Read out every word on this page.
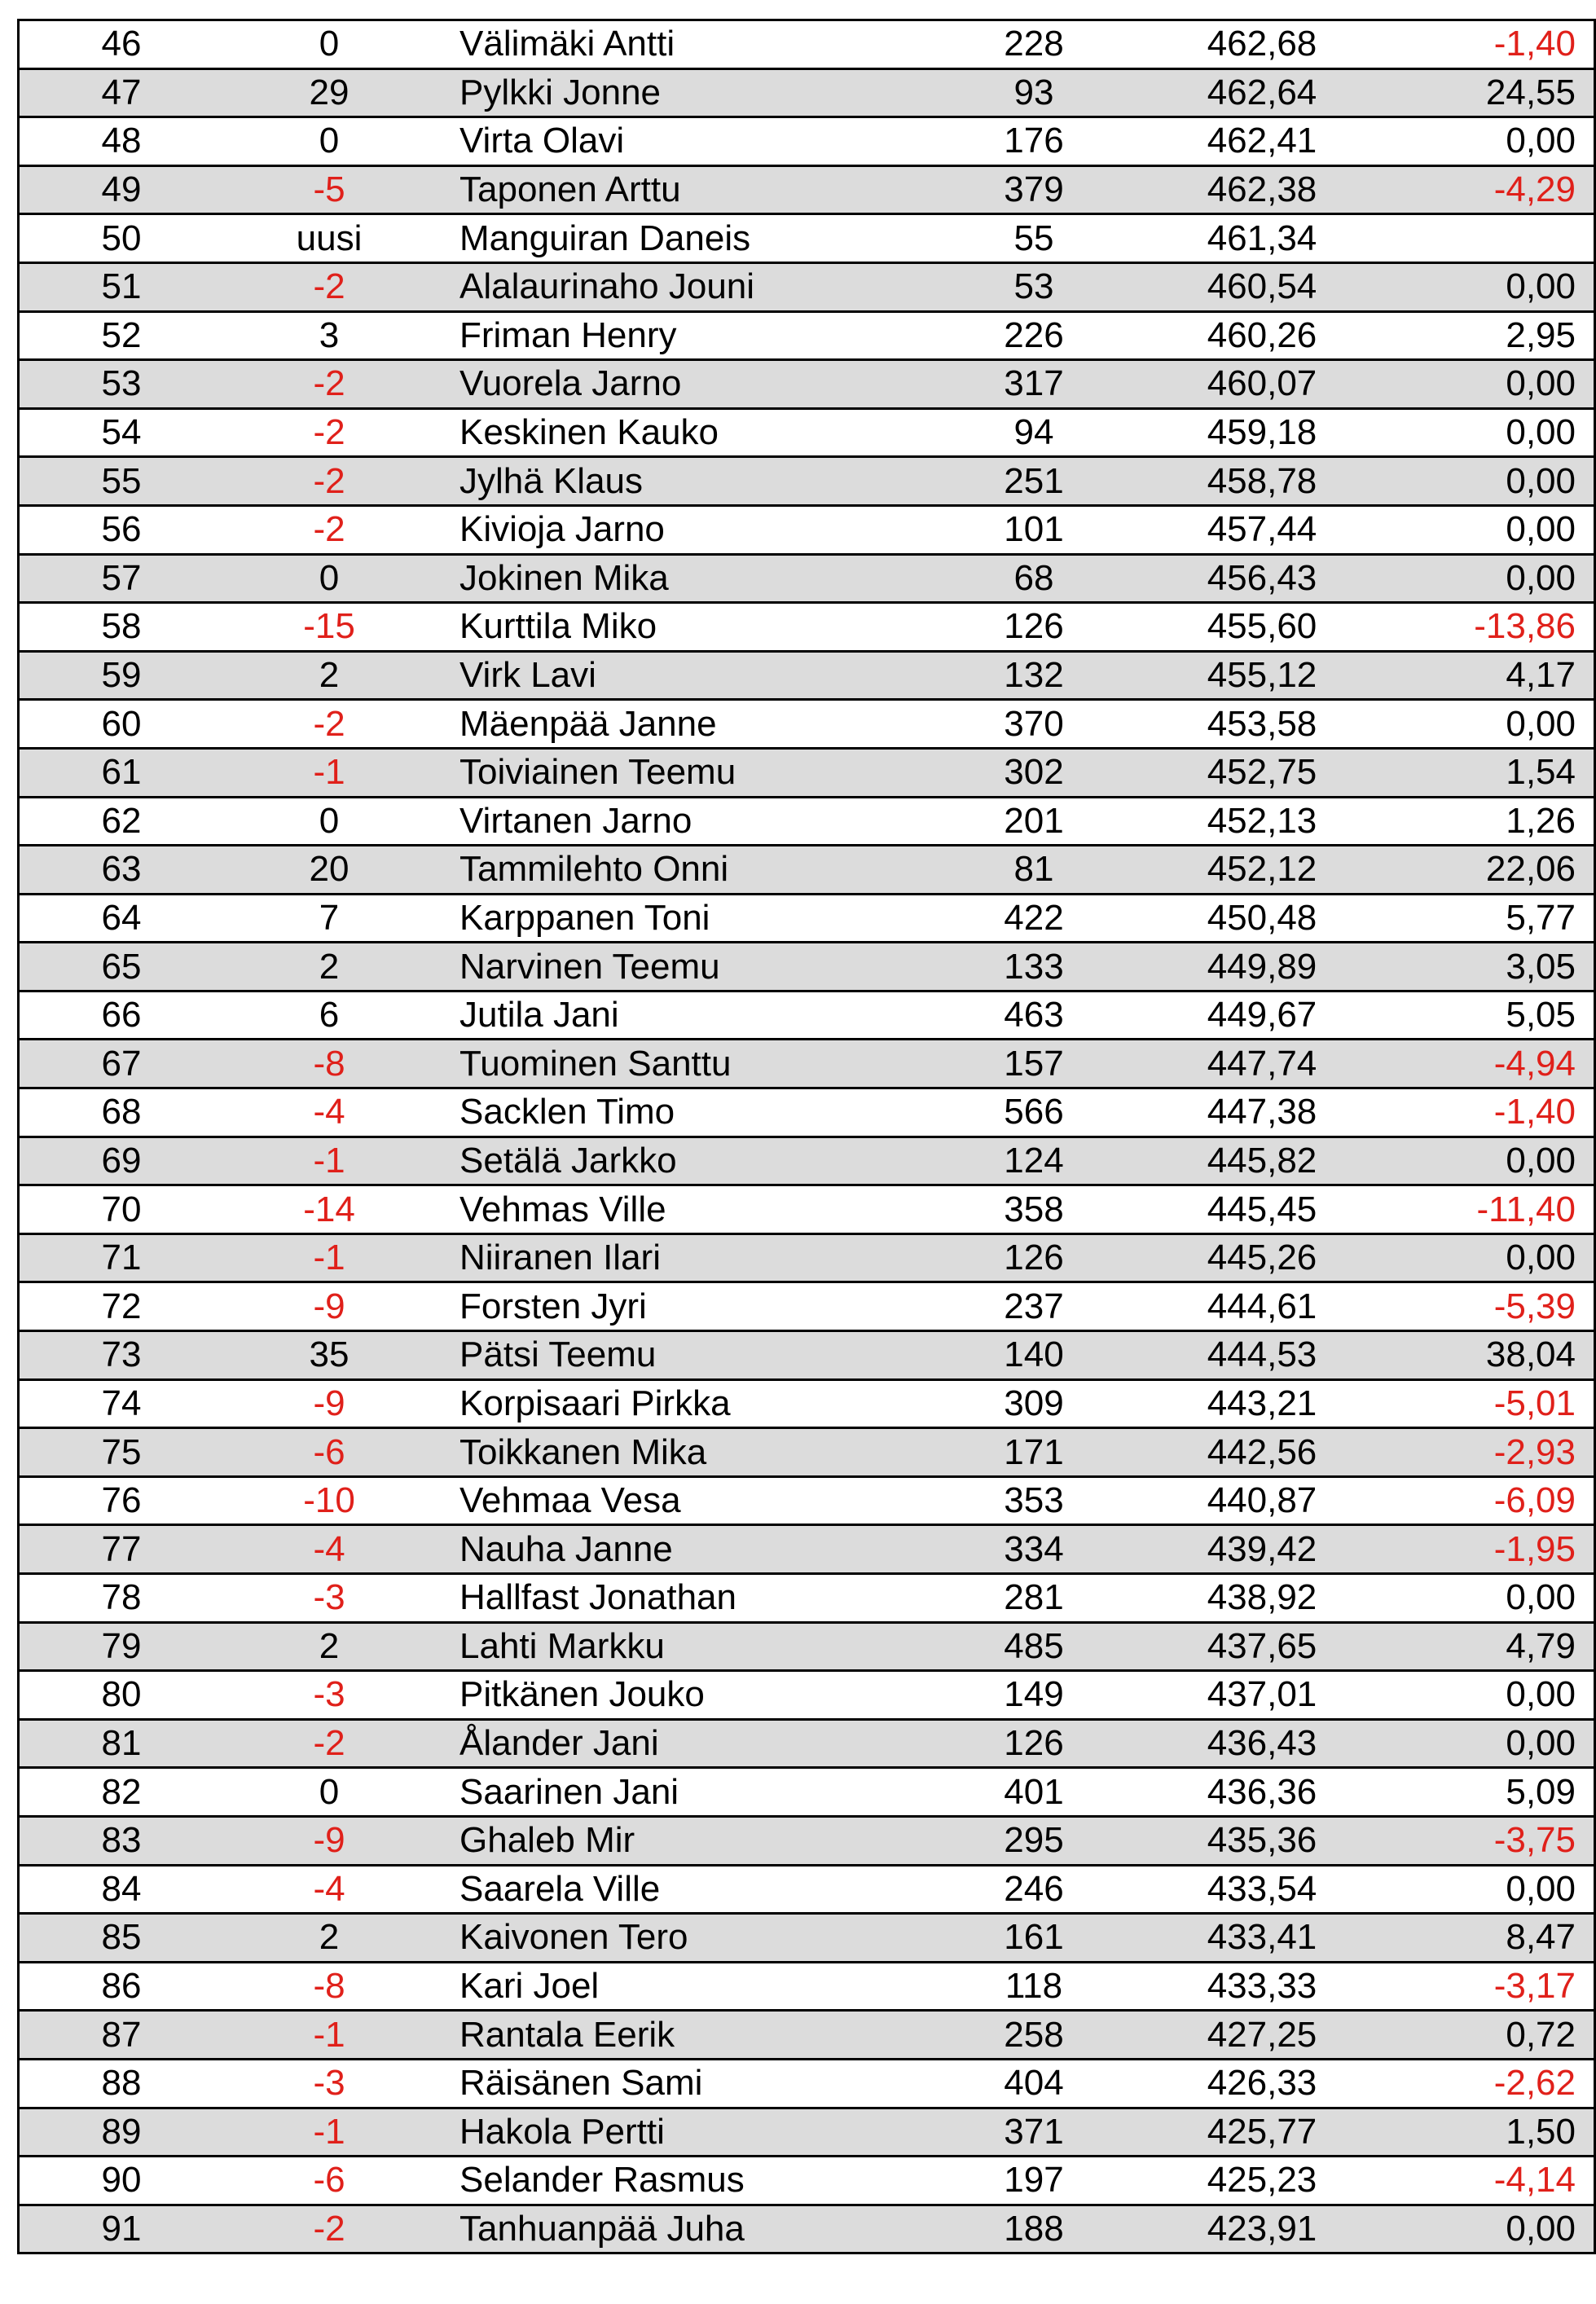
46	0	Välimäki Antti	228	462,68	-1,40
47	29	Pylkki Jonne	93	462,64	24,55
48	0	Virta Olavi	176	462,41	0,00
49	-5	Taponen Arttu	379	462,38	-4,29
50	uusi	Manguiran Daneis	55	461,34	
51	-2	Alalaurinaho Jouni	53	460,54	0,00
52	3	Friman Henry	226	460,26	2,95
53	-2	Vuorela Jarno	317	460,07	0,00
54	-2	Keskinen Kauko	94	459,18	0,00
55	-2	Jylhä Klaus	251	458,78	0,00
56	-2	Kivioja Jarno	101	457,44	0,00
57	0	Jokinen Mika	68	456,43	0,00
58	-15	Kurttila Miko	126	455,60	-13,86
59	2	Virk Lavi	132	455,12	4,17
60	-2	Mäenpää Janne	370	453,58	0,00
61	-1	Toiviainen Teemu	302	452,75	1,54
62	0	Virtanen Jarno	201	452,13	1,26
63	20	Tammilehto Onni	81	452,12	22,06
64	7	Karppanen Toni	422	450,48	5,77
65	2	Narvinen Teemu	133	449,89	3,05
66	6	Jutila Jani	463	449,67	5,05
67	-8	Tuominen Santtu	157	447,74	-4,94
68	-4	Sacklen Timo	566	447,38	-1,40
69	-1	Setälä Jarkko	124	445,82	0,00
70	-14	Vehmas Ville	358	445,45	-11,40
71	-1	Niiranen Ilari	126	445,26	0,00
72	-9	Forsten Jyri	237	444,61	-5,39
73	35	Pätsi Teemu	140	444,53	38,04
74	-9	Korpisaari Pirkka	309	443,21	-5,01
75	-6	Toikkanen Mika	171	442,56	-2,93
76	-10	Vehmaa Vesa	353	440,87	-6,09
77	-4	Nauha Janne	334	439,42	-1,95
78	-3	Hallfast Jonathan	281	438,92	0,00
79	2	Lahti Markku	485	437,65	4,79
80	-3	Pitkänen Jouko	149	437,01	0,00
81	-2	Ålander Jani	126	436,43	0,00
82	0	Saarinen Jani	401	436,36	5,09
83	-9	Ghaleb Mir	295	435,36	-3,75
84	-4	Saarela Ville	246	433,54	0,00
85	2	Kaivonen Tero	161	433,41	8,47
86	-8	Kari Joel	118	433,33	-3,17
87	-1	Rantala Eerik	258	427,25	0,72
88	-3	Räisänen Sami	404	426,33	-2,62
89	-1	Hakola Pertti	371	425,77	1,50
90	-6	Selander Rasmus	197	425,23	-4,14
91	-2	Tanhuanpää Juha	188	423,91	0,00
